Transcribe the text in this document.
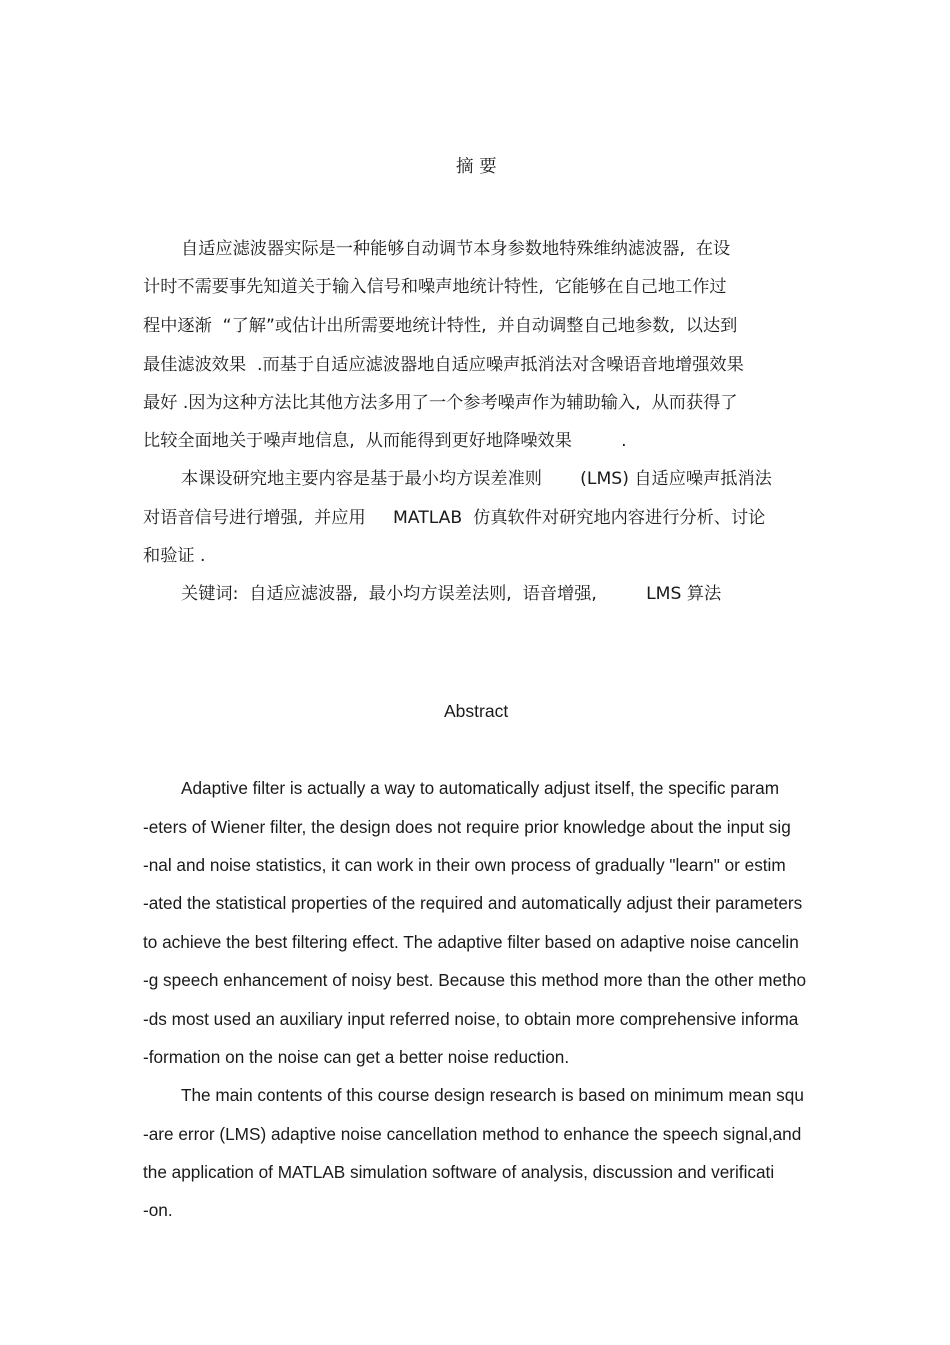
摘 要
自适应滤波器实际是一种能够自动调节本身参数地特殊维纳滤波器,  在设
计时不需要事先知道关于输入信号和噪声地统计特性,  它能够在自己地工作过
程中逐渐  “了解”或估计出所需要地统计特性,  并自动调整自己地参数,  以达到
最佳滤波效果  .而基于自适应滤波器地自适应噪声抵消法对含噪语音地增强效果
最好 .因为这种方法比其他方法多用了一个参考噪声作为辅助输入,  从而获得了
比较全面地关于噪声地信息,  从而能得到更好地降噪效果         .
本课设研究地主要内容是基于最小均方误差准则       (LMS) 自适应噪声抵消法
对语音信号进行增强,  并应用     MATLAB  仿真软件对研究地内容进行分析、讨论
和验证 .
关键词:  自适应滤波器,  最小均方误差法则,  语音增强,         LMS 算法
Abstract
Adaptive filter is actually a way to automatically adjust itself, the specific param
-eters of Wiener filter, the design does not require prior knowledge about the input sig
-nal and noise statistics, it can work in their own process of gradually "learn" or estim
-ated the statistical properties of the required and automatically adjust their parameters
to achieve the best filtering effect. The adaptive filter based on adaptive noise cancelin
-g speech enhancement of noisy best. Because this method more than the other metho
-ds most used an auxiliary input referred noise, to obtain more comprehensive informa
-formation on the noise can get a better noise reduction.
The main contents of this course design research is based on minimum mean squ
-are error (LMS) adaptive noise cancellation method to enhance the speech signal,and
the application of MATLAB simulation software of analysis, discussion and verificati
-on.
